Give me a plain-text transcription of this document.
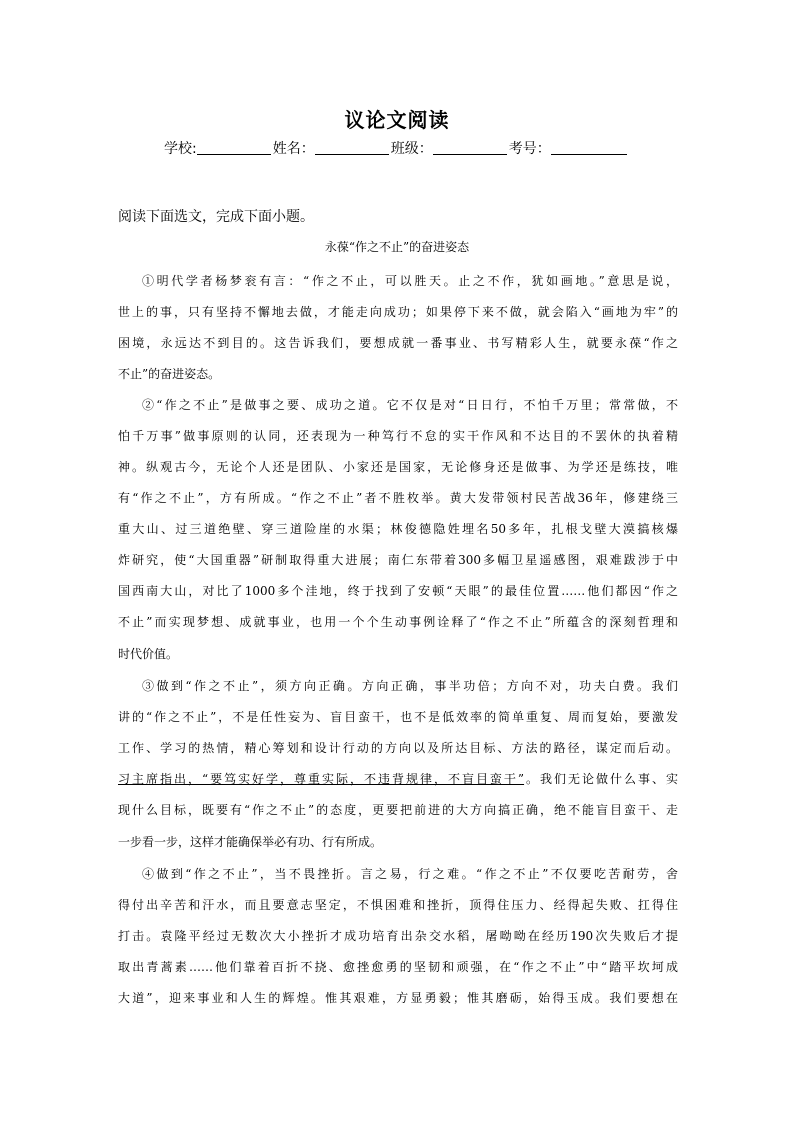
议论文阅读
学校:	姓名：	班级：	考号：
阅读下面选文，完成下面小题。
永葆“作之不止”的奋进姿态
①明代学者杨梦衮有言：“作之不止，可以胜天。止之不作，犹如画地。”意思是说，
世上的事，只有坚持不懈地去做，才能走向成功；如果停下来不做，就会陷入“画地为牢”的
困境，永远达不到目的。这告诉我们，要想成就一番事业、书写精彩人生，就要永葆“作之
不止”的奋进姿态。
②“作之不止”是做事之要、成功之道。它不仅是对“日日行，不怕千万里；常常做，不
怕千万事”做事原则的认同，还表现为一种笃行不怠的实干作风和不达目的不罢休的执着精
神。纵观古今，无论个人还是团队、小家还是国家，无论修身还是做事、为学还是练技，唯
有“作之不止”，方有所成。“作之不止”者不胜枚举。黄大发带领村民苦战36年，修建绕三
重大山、过三道绝壁、穿三道险崖的水渠；林俊德隐姓埋名50多年，扎根戈壁大漠搞核爆
炸研究，使“大国重器”研制取得重大进展；南仁东带着300多幅卫星遥感图，艰难跋涉于中
国西南大山，对比了1000多个洼地，终于找到了安顿“天眼”的最佳位置……他们都因“作之
不止”而实现梦想、成就事业，也用一个个生动事例诠释了“作之不止”所蕴含的深刻哲理和
时代价值。
③做到“作之不止”，须方向正确。方向正确，事半功倍；方向不对，功夫白费。我们
讲的“作之不止”，不是任性妄为、盲目蛮干，也不是低效率的简单重复、周而复始，要激发
工作、学习的热情，精心筹划和设计行动的方向以及所达目标、方法的路径，谋定而后动。
习主席指出，“要笃实好学，尊重实际，不违背规律，不盲目蛮干”。我们无论做什么事、实
现什么目标，既要有“作之不止”的态度，更要把前进的大方向搞正确，绝不能盲目蛮干、走
一步看一步，这样才能确保举必有功、行有所成。
④做到“作之不止”，当不畏挫折。言之易，行之难。“作之不止”不仅要吃苦耐劳，舍
得付出辛苦和汗水，而且要意志坚定，不惧困难和挫折，顶得住压力、经得起失败、扛得住
打击。袁隆平经过无数次大小挫折才成功培育出杂交水稻，屠呦呦在经历190次失败后才提
取出青蒿素……他们靠着百折不挠、愈挫愈勇的坚韧和顽强，在“作之不止”中“踏平坎坷成
大道”，迎来事业和人生的辉煌。惟其艰难，方显勇毅；惟其磨砺，始得玉成。我们要想在
